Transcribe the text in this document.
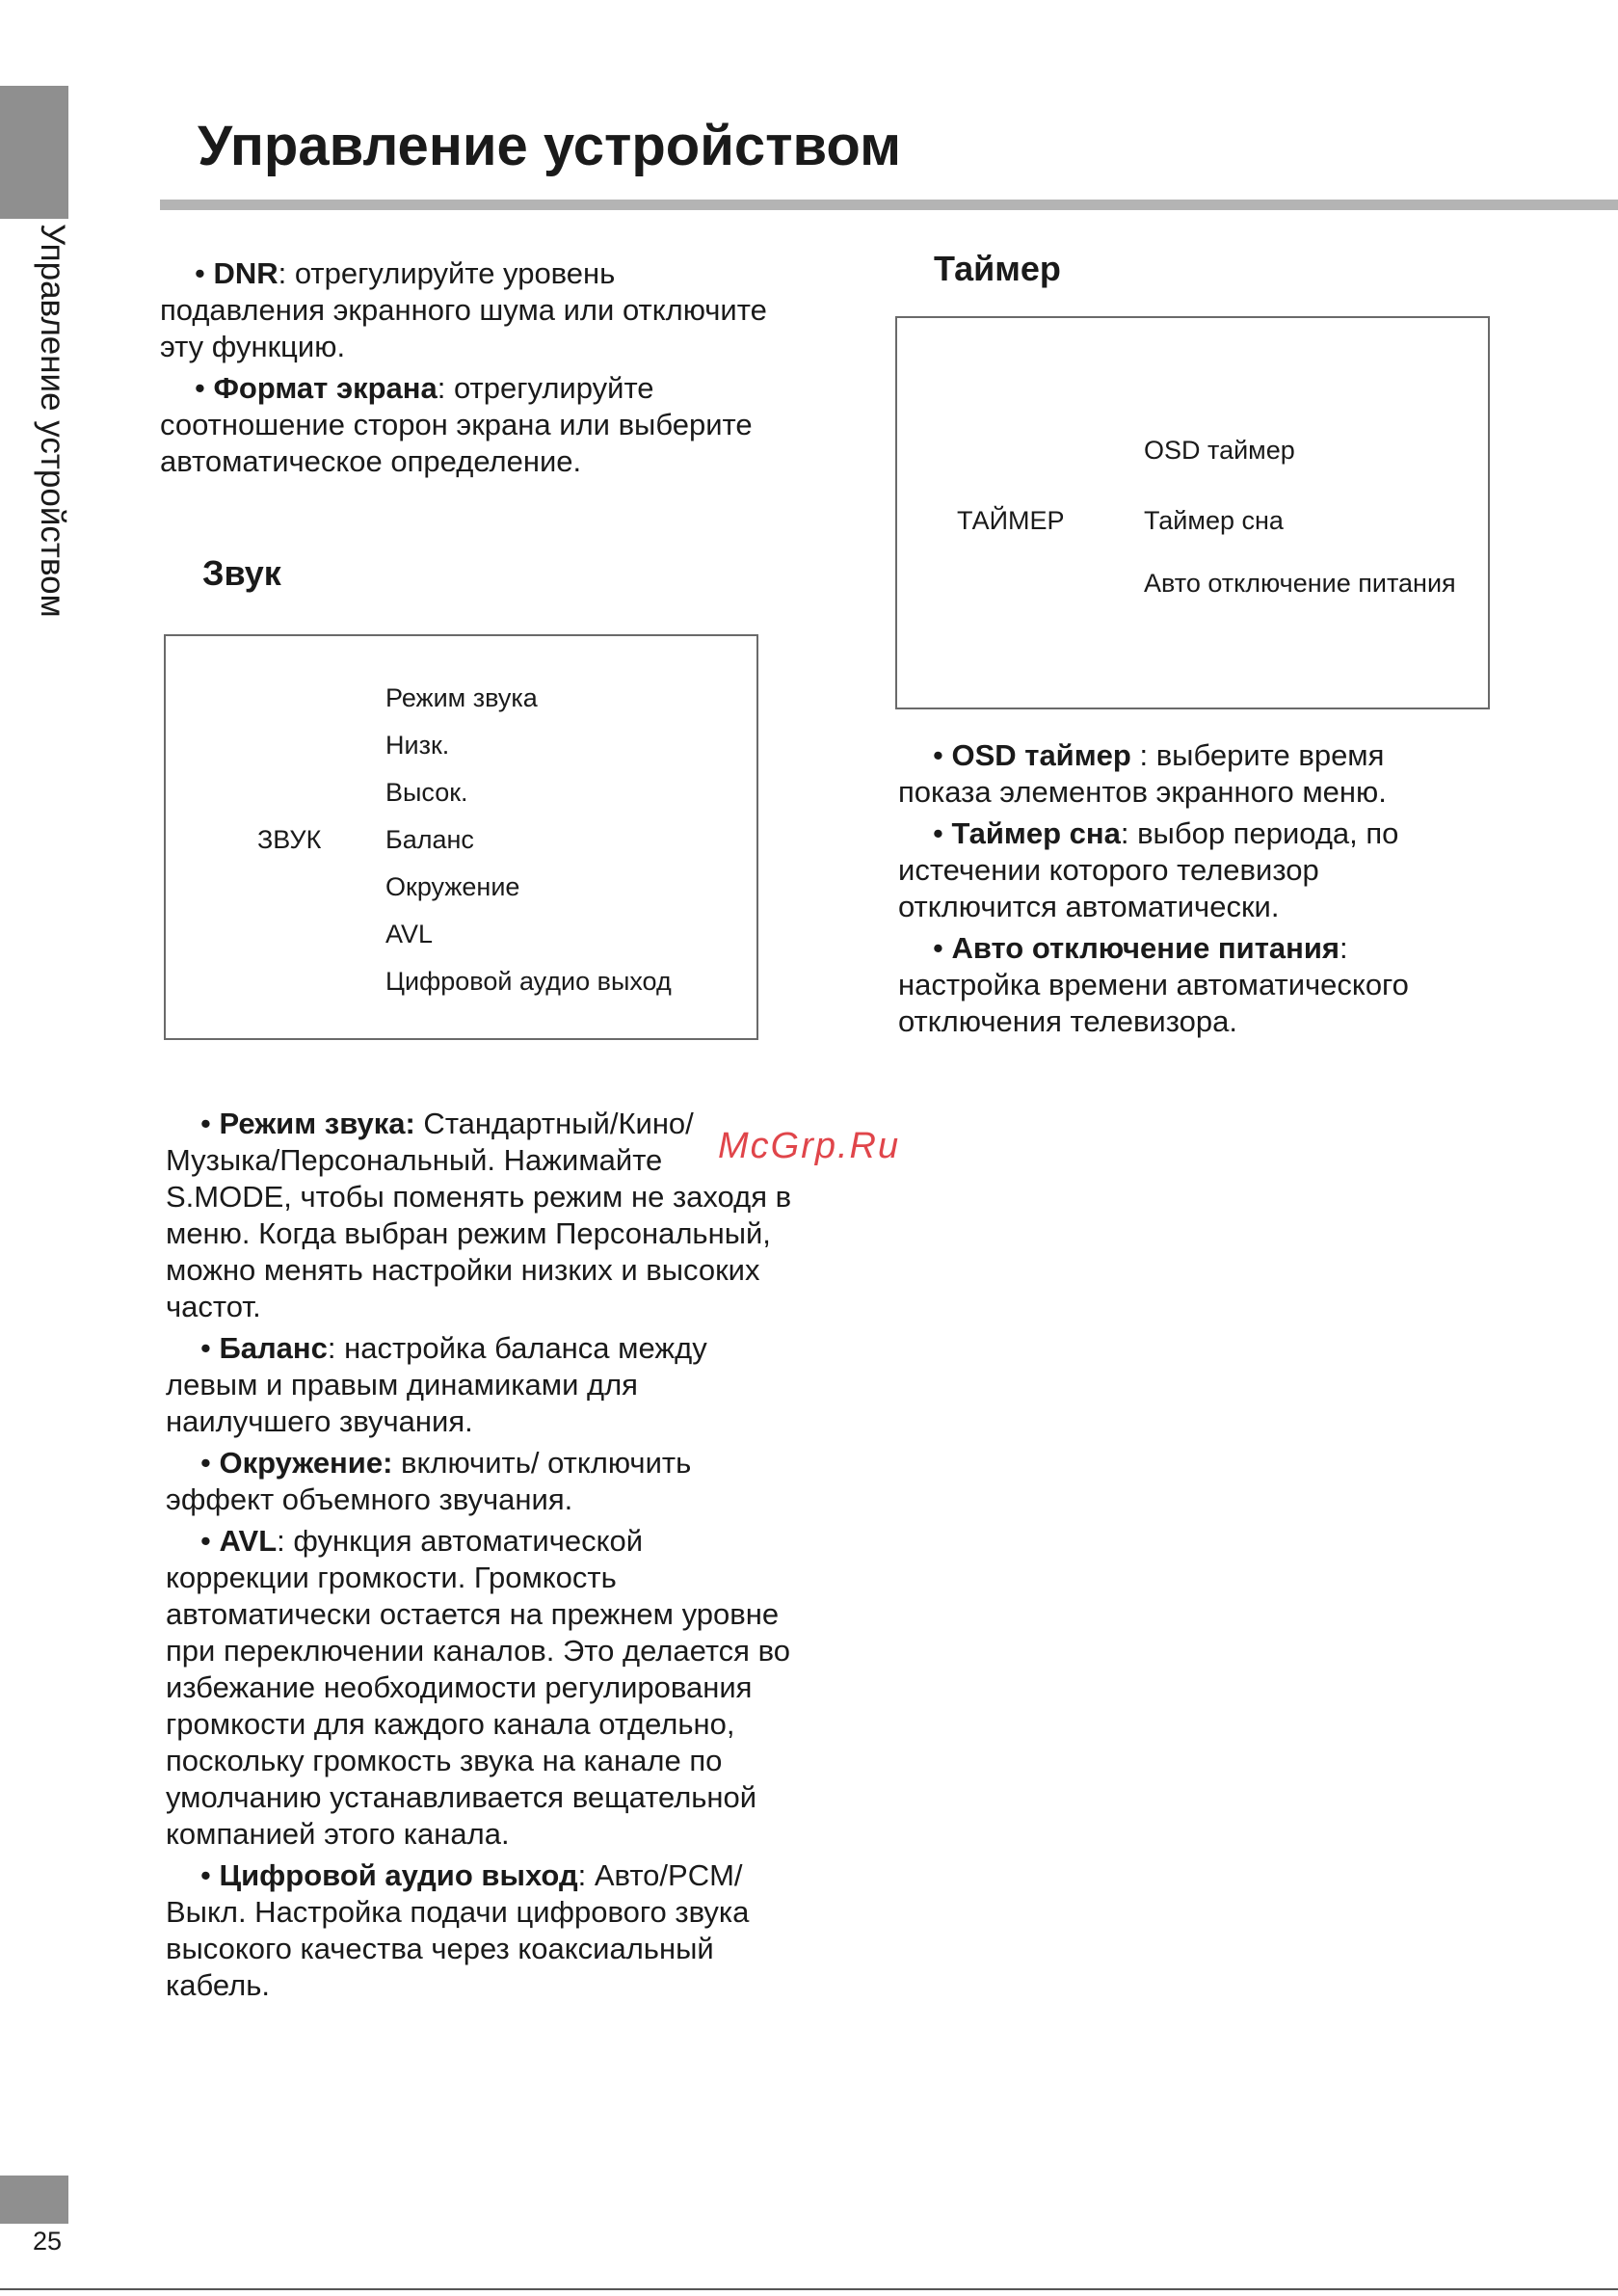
Управление устройством
25
Управление устройством
• DNR: отрегулируйте уровень подавления экранного шума или отключите эту функцию.
• Формат экрана: отрегулируйте соотношение сторон экрана или выберите автоматическое определение.
Звук
ЗВУК
Режим звука
Низк.
Высок.
Баланс
Окружение
AVL
Цифровой аудио выход
• Режим звука: Стандартный/Кино/ Музыка/Персональный. Нажимайте S.MODE, чтобы поменять режим не заходя в меню. Когда выбран режим Персональный, можно менять настройки низких и высоких частот.
• Баланс: настройка баланса между левым и правым динамиками для наилучшего звучания.
• Окружение: включить/ отключить эффект объемного звучания.
• AVL: функция автоматической коррекции громкости. Громкость автоматически остается на прежнем уровне при переключении каналов. Это делается во избежание необходимости регулирования громкости для каждого канала отдельно, поскольку громкость звука на канале по умолчанию устанавливается вещательной компанией этого канала.
• Цифровой аудио выход: Авто/PCM/Выкл. Настройка подачи цифрового звука высокого качества через коаксиальный кабель.
Таймер
ТАЙМЕР
OSD таймер
Таймер сна
Авто отключение питания
• OSD таймер : выберите время показа элементов экранного меню.
• Таймер сна: выбор периода, по истечении которого телевизор отключится автоматически.
• Авто отключение питания: настройка времени автоматического отключения телевизора.
McGrp.Ru
